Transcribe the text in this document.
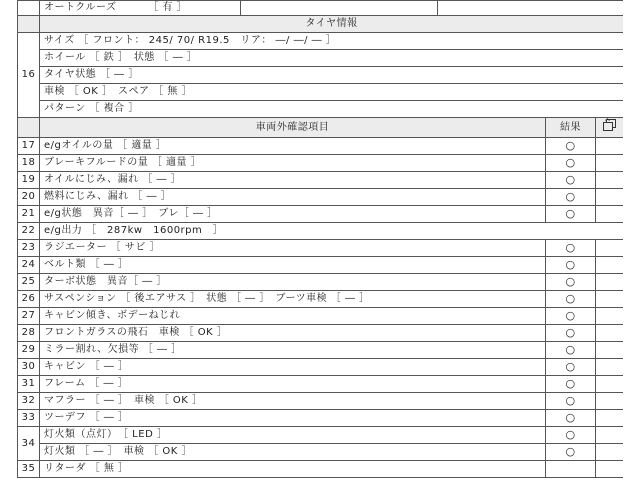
	オートクルーズ ［ 有 ］		

	タイヤ情報		
16	サイズ ［ フロント： 245/ 70/ R19.5　リア： ―/ ―/ ― ］		
	ホイール ［ 鉄 ］　状態 ［ ― ］		
	タイヤ状態 ［ ― ］		
	車検 ［ OK ］　スペア ［ 無 ］		
	パターン ［ 複合 ］		
	車両外確認項目	結果	
17	e/gオイルの量 ［ 適量 ］	○	
18	ブレーキフルードの量 ［ 適量 ］	○	
19	オイルにじみ、漏れ ［ ― ］	○	
20	燃料にじみ、漏れ ［ ― ］	○	
21	e/g状態　異音［ ― ］　ブレ［ ― ］	○	
22	e/g出力 ［　287kw　1600rpm　］		
23	ラジエーター ［ サビ ］	○	
24	ベルト類 ［ ― ］	○	
25	ターボ状態　異音［ ― ］	○	
26	サスペンション ［ 後エアサス ］　状態 ［ ― ］　ブーツ車検 ［ ― ］	○	
27	キャビン傾き、ボデーねじれ	○	
28	フロントガラスの飛石　車検 ［ OK ］	○	
29	ミラー割れ、欠損等 ［ ― ］	○	
30	キャビン ［ ― ］	○	
31	フレーム ［ ― ］	○	
32	マフラー ［ ― ］　車検 ［ OK ］	○	
33	ツーデフ ［ ― ］	○	
34	灯火類（点灯）　［ LED ］	○	
	灯火類 ［ ― ］　車検 ［ OK ］	○	
35	リターダ ［ 無 ］		
